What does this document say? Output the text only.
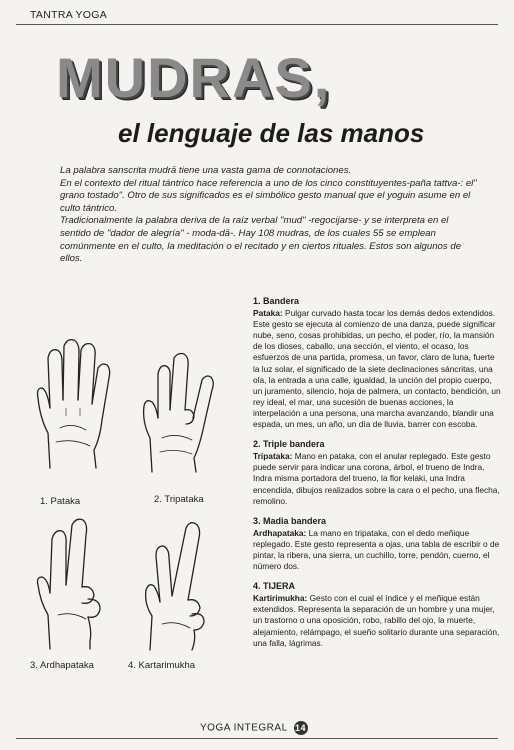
TANTRA YOGA
MUDRAS,
el lenguaje de las manos

La palabra sanscrita mudrā tiene una vasta gama de connotaciones.

En el contexto del ritual tántrico hace referencia a uno de los cinco constituyentes-paña tattva-: el" grano tostado". Otro de sus significados es el simbólico gesto manual que el yoguin asume en el culto tántrico.

Tradicionalmente la palabra deriva de la raíz verbal "mud" -regocijarse- y se interpreta en el sentido de "dador de alegría" - moda-dā-. Hay 108 mudras, de los cuales 55 se emplean comúnmente en el culto, la meditación o el recitado y en ciertos rituales. Estos son algunos de ellos.

1. Pataka	2. Tripataka
3. Ardhapataka	4. Kartarimukha
1. Bandera
Pataka: Pulgar curvado hasta tocar los demás dedos extendidos. Este gesto se ejecuta al comienzo de una danza, puede significar nube, seno, cosas prohibidas, un pecho, el poder, río, la mansión de los dioses, caballo, una sección, el viento, el ocaso, los esfuerzos de una partida, promesa, un favor, claro de luna, fuerte la luz solar, el significado de la siete declinaciones sáncritas, una ola, la entrada a una calle, igualdad, la unción del propio cuerpo, un juramento, silencio, hoja de palmera, un contacto, bendición, un rey ideal, el mar, una sucesión de buenas acciones, la interpelación a una persona, una marcha avanzando, blandir una espada, un mes, un año, un día de lluvia, barrer con escoba.
2. Triple bandera
Tripataka: Mano en pataka, con el anular replegado. Este gesto puede servir para indicar una corona, árbol, el trueno de Indra, Indra misma portadora del trueno, la flor kelaki, una Indra encendida, dibujos realizados sobre la cara o el pecho, una flecha, remolino.
3. Madia bandera
Ardhapataka: La mano en tripataka, con el dedo meñique replegado. Este gesto representa a ojas, una tabla de escribir o de pintar, la ribera, una sierra, un cuchillo, torre, pendón, cuerno, el número dos.
4. TIJERA
Kartirimukha: Gesto con el cual el índice y el meñique están extendidos. Representa la separación de un hombre y una mujer, un trastorno o una oposición, robo, rabillo del ojo, la muerte, alejamiento, relámpago, el sueño solitario durante una separación, una falla, lágrimas.
YOGA INTEGRAL 14
